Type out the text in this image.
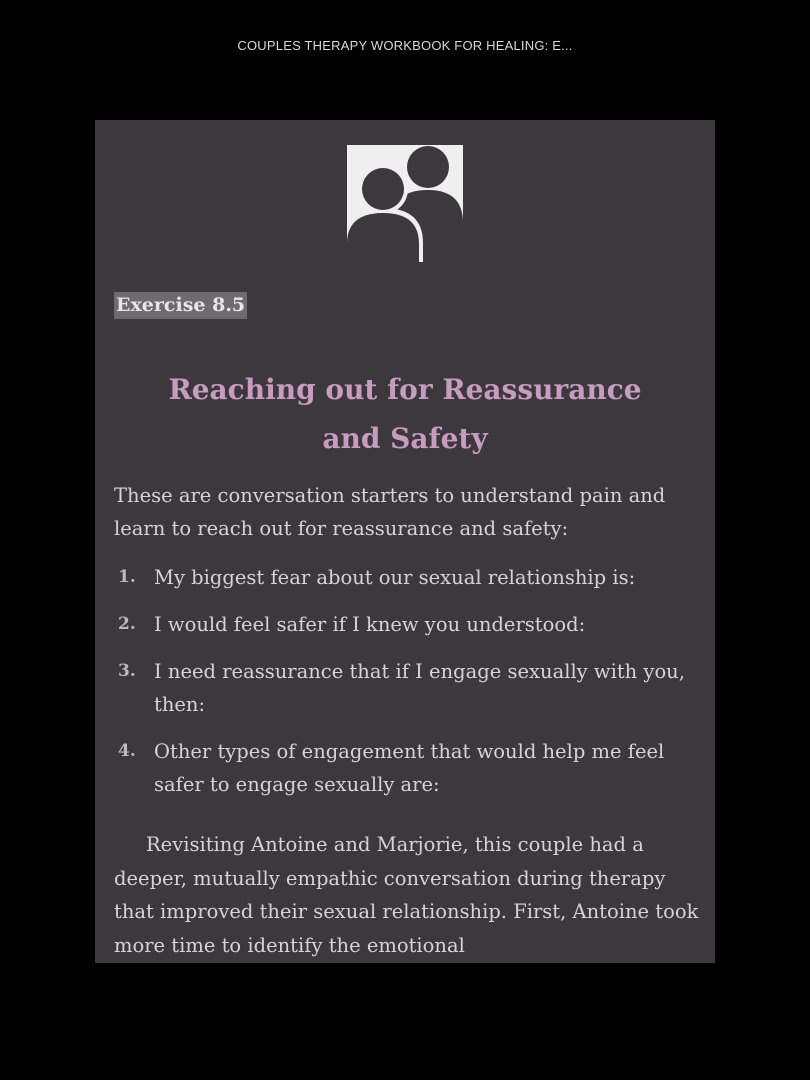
COUPLES THERAPY WORKBOOK FOR HEALING: E...
Exercise 8.5
Reaching out for Reassurance
and Safety

These are conversation starters to understand pain and learn to reach out for reassurance and safety:

1. My biggest fear about our sexual relationship is:
2. I would feel safer if I knew you understood:
3. I need reassurance that if I engage sexually with you, then:
4. Other types of engagement that would help me feel safer to engage sexually are:

Revisiting Antoine and Marjorie, this couple had a deeper, mutually empathic conversation during therapy that improved their sexual relationship. First, Antoine took more time to identify the emotional
